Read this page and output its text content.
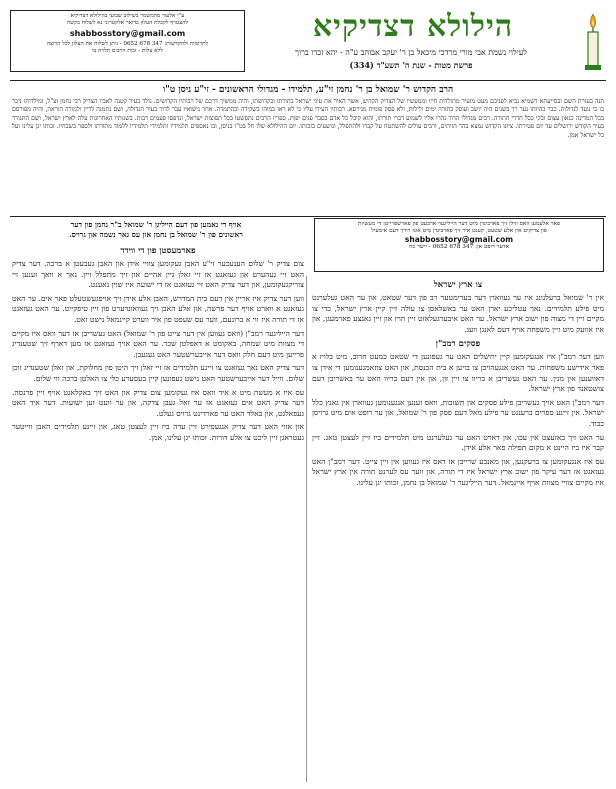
ע"י אלעזר מהמשמר בשילוב שבועי בהילולא דצדיקיא
להצטרף לקבלת העלון בדואר אלקטרוני נא לשלוח בקשה
shabbosstory@gmail.com
לתרומות ולהקדשות: 347 678 0652 - ניתן לשלוח את העלון לכל הרוצה
ללא עלות - זכות הרבים תלויה בו
הילולא דצדיקיא
לעילוי נשמת אבי מורי מרדכי מיכאל בן ר' יעקב אבוהב ע"ה - יהא זכרו ברוך
פרשת מטות - שנת ה' תשע"ד (334)
הרב הקדוש ר' שמואל בן ר' נחמן זי"ע, תלמידו - מגדולי הראשונים - זי"ע ניסן ט"ו
הנה בעזרת השם ובסייעתא דשמיא נביא לפניכם מעט מזעיר מתולדות חייו וממעשיו של הצדיק הקדוש, אשר האיר את עיני ישראל בתורתו ובקדושתו, והיה ממשיך דרכם של רבותיו הקדושים. נולד בעיר קטנה לאביו הצדיק רבי נחמן זצ"ל, ומילדותו ניכר בו כי נועד לגדולות. כבר בהיותו נער רך בשנים היה יושב ועוסק בתורה ימים ולילות, ולא פסק פומיה מגירסא. רבותיו העידו עליו כי לא ראו כמוהו בשקידה ובהתמדה. אחר נישואיו עבר לדור בעיר הגדולה, ושם נתמנה לדיין ולמורה הוראה, והיה מפורסם בכל המדינה כגאון עצום ובקי בכל חדרי התורה. רבים מגדולי הדור נהרו אליו לשמוע דברי תורתו, והוא קיבל כל אדם בסבר פנים יפות. ספריו הרבים נתפשטו בכל תפוצות ישראל, ונדפסו פעמים רבות. בשנותיו האחרונות עלה לארץ ישראל, ושם התגורר בעיר הקודש ירושלים עד יום פטירתו. ציונו הקדוש נמצא בהר הזיתים, ורבים עולים להשתטח על קברו ולהתפלל, ונושעים בזכותו. יום ההילולא שלו חל בט"ו בניסן, ובו נאספים תלמידיו ותלמידי תלמידיו ללמוד מתורתו ולספר בשבחיו. זכותו יגן עלינו ועל כל ישראל אמן.
אויף די נאמען פון דעם הייליגן ר' שמואל ב"ר נחמן פון דער
ראשונים פון ר' שמואל בן נחמן און עס גאר נשמה און גרויס.
פאר אלעמען וואס ווילן זיך פארבינדן מיט דער הייליגער ארבעט פון פארשפרייטן די מעשיות
פון צדיקים אין אלע שטעט, קענט איר זיך פארבינדן מיט אונז דורך דעם אימעיל
shabbosstory@gmail.com
אדער רופט אן: 347 678 0652 - יישר כח
צו ארץ ישראל

אין ר' שמואל ברעלנונג איז ער געווארן דער בערימטער רב פון דער שטאט, און ער האט געלערנט מיט פילע תלמידים. נאך עטליכע יארן האט ער באשלאסן צו עולה זיין קיין ארץ ישראל, כדי צו מקיים זיין די מצוה פון ישוב ארץ ישראל. ער האט איבערגעלאזט זיין הויז און זיין גאנצע פארמעגן, און איז אוועק מיט זיין משפחה אויף דעם לאנגן וועג.

פסקים רמב"ן

ווען דער רמב"ן איז אנגעקומען קיין ירושלים האט ער געפונען די שטאט כמעט חרוב, מיט בלויז א פאר אידישע משפחות. ער האט אנגעהויבן צו בויען א בית הכנסת, און האט צוזאמגענומען די אידן צו דאווענען אין מנין. ער האט געשריבן א בריוו צו זיין זון, און אין דעם בריוו האט ער באשריבן דעם צושטאנד פון ארץ ישראל.

דער רמב"ן האט אויך געשריבן פילע פסקים און תשובות, וואס זענען אנגענומען געווארן אין גאנץ כלל ישראל. אין זיינע ספרים ברענגט ער פילע מאל דעם פסק פון ר' שמואל, און ער רופט אים מיט גרויסן כבוד.

ער האט זיך באזעצט אין עכו, און דארט האט ער געלערנט מיט תלמידים ביז זיין לעצטן טאג. זיין קבר איז ביז היינט א מקום תפילה פאר אלע אידן.

עס איז אנגעקומען צו ברעקנען, און מאנכע שרייבן אז דאס איז געווען אין זיין צייט. דער רמב"ן האט געזאגט אז דער עיקר פון ישוב ארץ ישראל איז די תורה, און ווער עס לערנט תורה אין ארץ ישראל איז מקיים צוויי מצוות אויף איינמאל. דער הייליגער ר' שמואל בן נחמן, זכותו יגן עלינו.

פארמעסטן פון די ווידד

צום צדיק ר' שלום הענעכער זי"ע האבן געקומען צוויי אידן און האבן געבעטן א ברכה. דער צדיק האט זיי געהערט און געזאגט אז זיי זאלן גיין אהיים און זיך מתפלל זיין. נאך א וואך זענען זיי צוריקגעקומען, און דער צדיק האט זיי געזאגט אז די ישועה איז שוין נאענט.

ווען דער צדיק איז אריין אין דעם בית המדרש, האבן אלע אידן זיך אויפגעשטעלט פאר אים. ער האט געזאגט א ווארט אויף דער פרשה, און אלע האבן זיך געוואונדערט פון זיין טיפקייט. ער האט געזאגט אז די תורה איז ווי א ברונעם, ווער עס שעפט פון איר ווערט קיינמאל נישט זאט.

דער הייליגער רמב"ן (וואס געווען אין דער צייט פון ר' שמואל) האט געשריבן אז דער וואס איז מקיים די מצוות מיט שמחה, באקומט א דאפלטן שכר. ער האט אויך געזאגט אז מען דארף זיך שטענדיג פרייען מיט דעם חלק וואס דער אייבערשטער האט געגעבן.

דער צדיק האט נאך געזאגט צו זיינע תלמידים אז זיי זאלן זיך היטן פון מחלוקת, און זאלן שטענדיג זוכן שלום. ווייל דער אייבערשטער האט נישט געפונען קיין בעסערע כלי צו האלטן ברכה ווי שלום.

עס איז א מעשה מיט א איד וואס איז געקומען צום צדיק און האט זיך באקלאגט אויף זיין פרנסה. דער צדיק האט אים געזאגט אז ער זאל געבן צדקה, און ער וועט זען ישועות. דער איד האט געפאלגט, און באלד האט ער פארדינט גרויס געלט.

און אזוי האט דער צדיק אנגעפירט זיין עדה ביז זיין לעצטן טאג, און זיינע תלמידים האבן ווייטער געטראגן זיין ליכט צו אלע דורות. זכותו יגן עלינו, אמן.
